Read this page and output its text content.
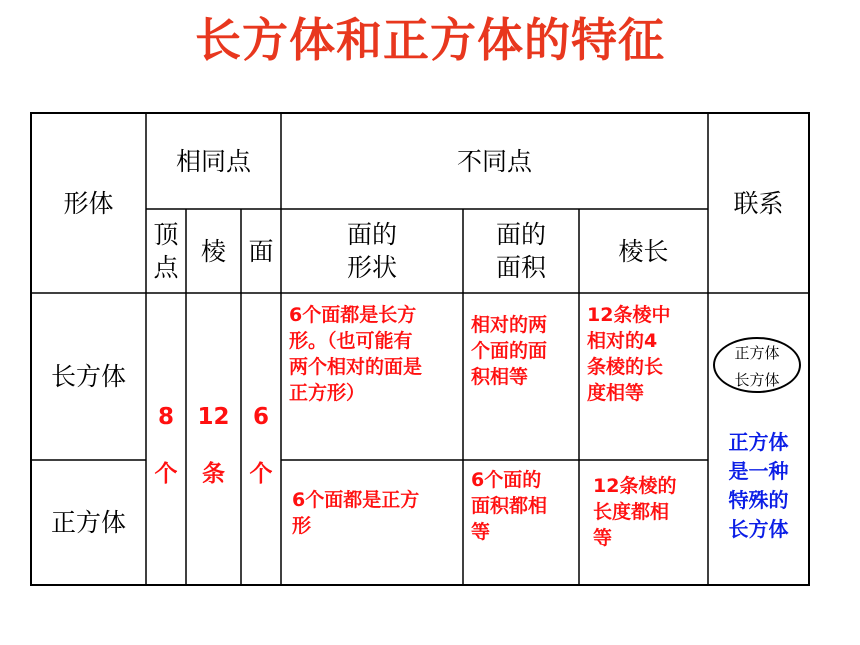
长方体和正方体的特征
形体
相同点	不同点
联系
顶
点
棱 面
面的
形状
面的
面积
棱长
长方体
正方体
8
个
12
条
6
个
6个面都是长方
形。（也可能有
两个相对的面是
正方形）
相对的两
个面的面
积相等
12条棱中
相对的4
条棱的长
度相等
6个面都是正方
形
6个面的
面积都相
等
12条棱的
长度都相
等
正方体
长方体
正方体
是一种
特殊的
长方体
